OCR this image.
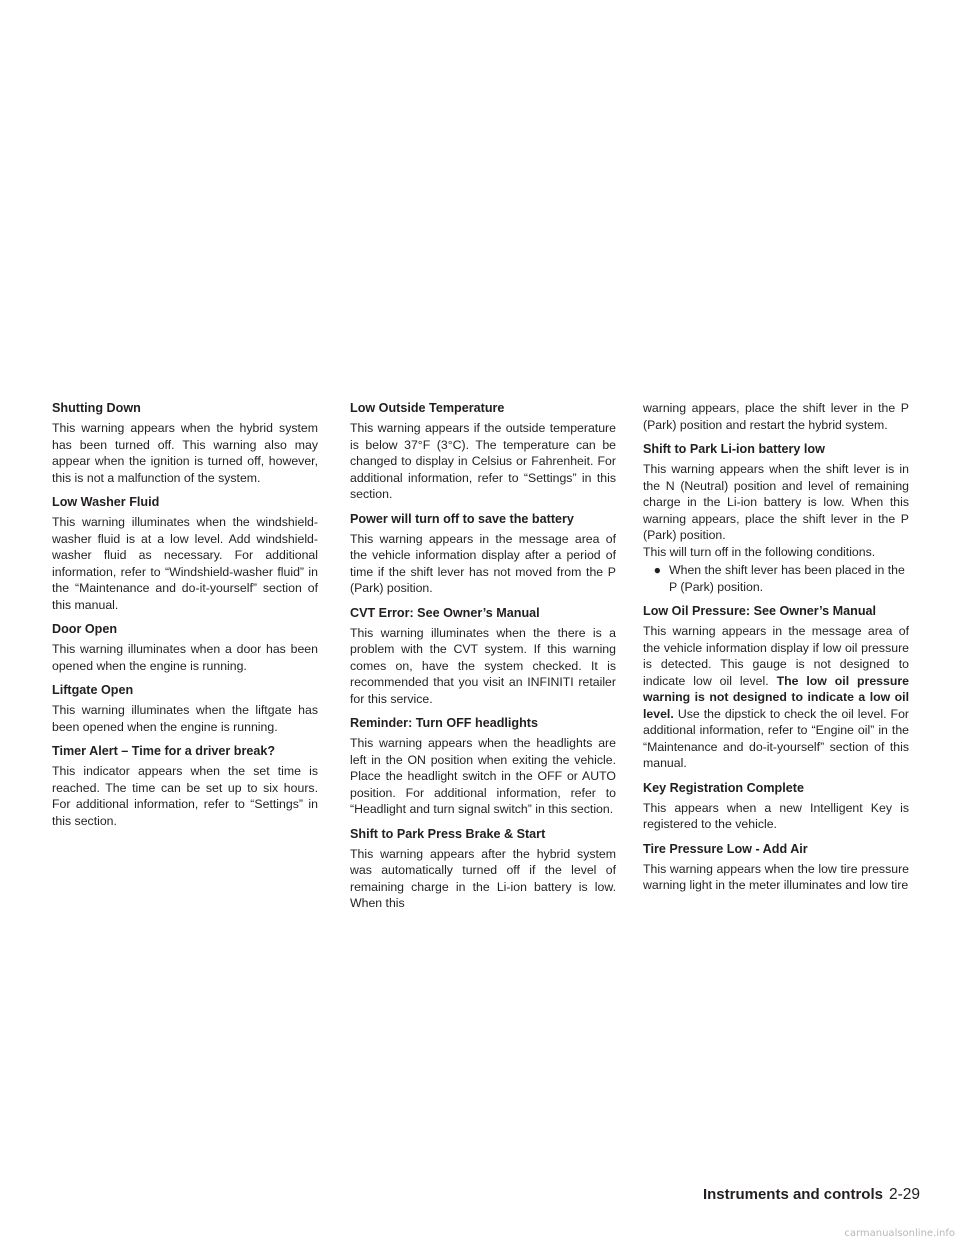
Shutting Down

This warning appears when the hybrid system has been turned off. This warning also may appear when the ignition is turned off, however, this is not a malfunction of the system.

Low Washer Fluid

This warning illuminates when the windshield-washer fluid is at a low level. Add windshield-washer fluid as necessary. For additional information, refer to “Windshield-washer fluid” in the “Maintenance and do-it-yourself” section of this manual.

Door Open

This warning illuminates when a door has been opened when the engine is running.

Liftgate Open

This warning illuminates when the liftgate has been opened when the engine is running.

Timer Alert – Time for a driver break?

This indicator appears when the set time is reached. The time can be set up to six hours. For additional information, refer to “Settings” in this section.

Low Outside Temperature

This warning appears if the outside temperature is below 37°F (3°C). The temperature can be changed to display in Celsius or Fahrenheit. For additional information, refer to “Settings” in this section.

Power will turn off to save the battery

This warning appears in the message area of the vehicle information display after a period of time if the shift lever has not moved from the P (Park) position.

CVT Error: See Owner’s Manual

This warning illuminates when the there is a problem with the CVT system. If this warning comes on, have the system checked. It is recommended that you visit an INFINITI retailer for this service.

Reminder: Turn OFF headlights

This warning appears when the headlights are left in the ON position when exiting the vehicle. Place the headlight switch in the OFF or AUTO position. For additional information, refer to “Headlight and turn signal switch” in this section.

Shift to Park Press Brake & Start

This warning appears after the hybrid system was automatically turned off if the level of remaining charge in the Li-ion battery is low. When this

warning appears, place the shift lever in the P (Park) position and restart the hybrid system.

Shift to Park Li-ion battery low

This warning appears when the shift lever is in the N (Neutral) position and level of remaining charge in the Li-ion battery is low. When this warning appears, place the shift lever in the P (Park) position.

This will turn off in the following conditions.

● When the shift lever has been placed in the P (Park) position.
Low Oil Pressure: See Owner’s Manual

This warning appears in the message area of the vehicle information display if low oil pressure is detected. This gauge is not designed to indicate low oil level. The low oil pressure warning is not designed to indicate a low oil level. Use the dipstick to check the oil level. For additional information, refer to “Engine oil” in the “Maintenance and do-it-yourself” section of this manual.

Key Registration Complete

This appears when a new Intelligent Key is registered to the vehicle.

Tire Pressure Low - Add Air

This warning appears when the low tire pressure warning light in the meter illuminates and low tire

Instruments and controls 2-29
carmanualsonline.info
